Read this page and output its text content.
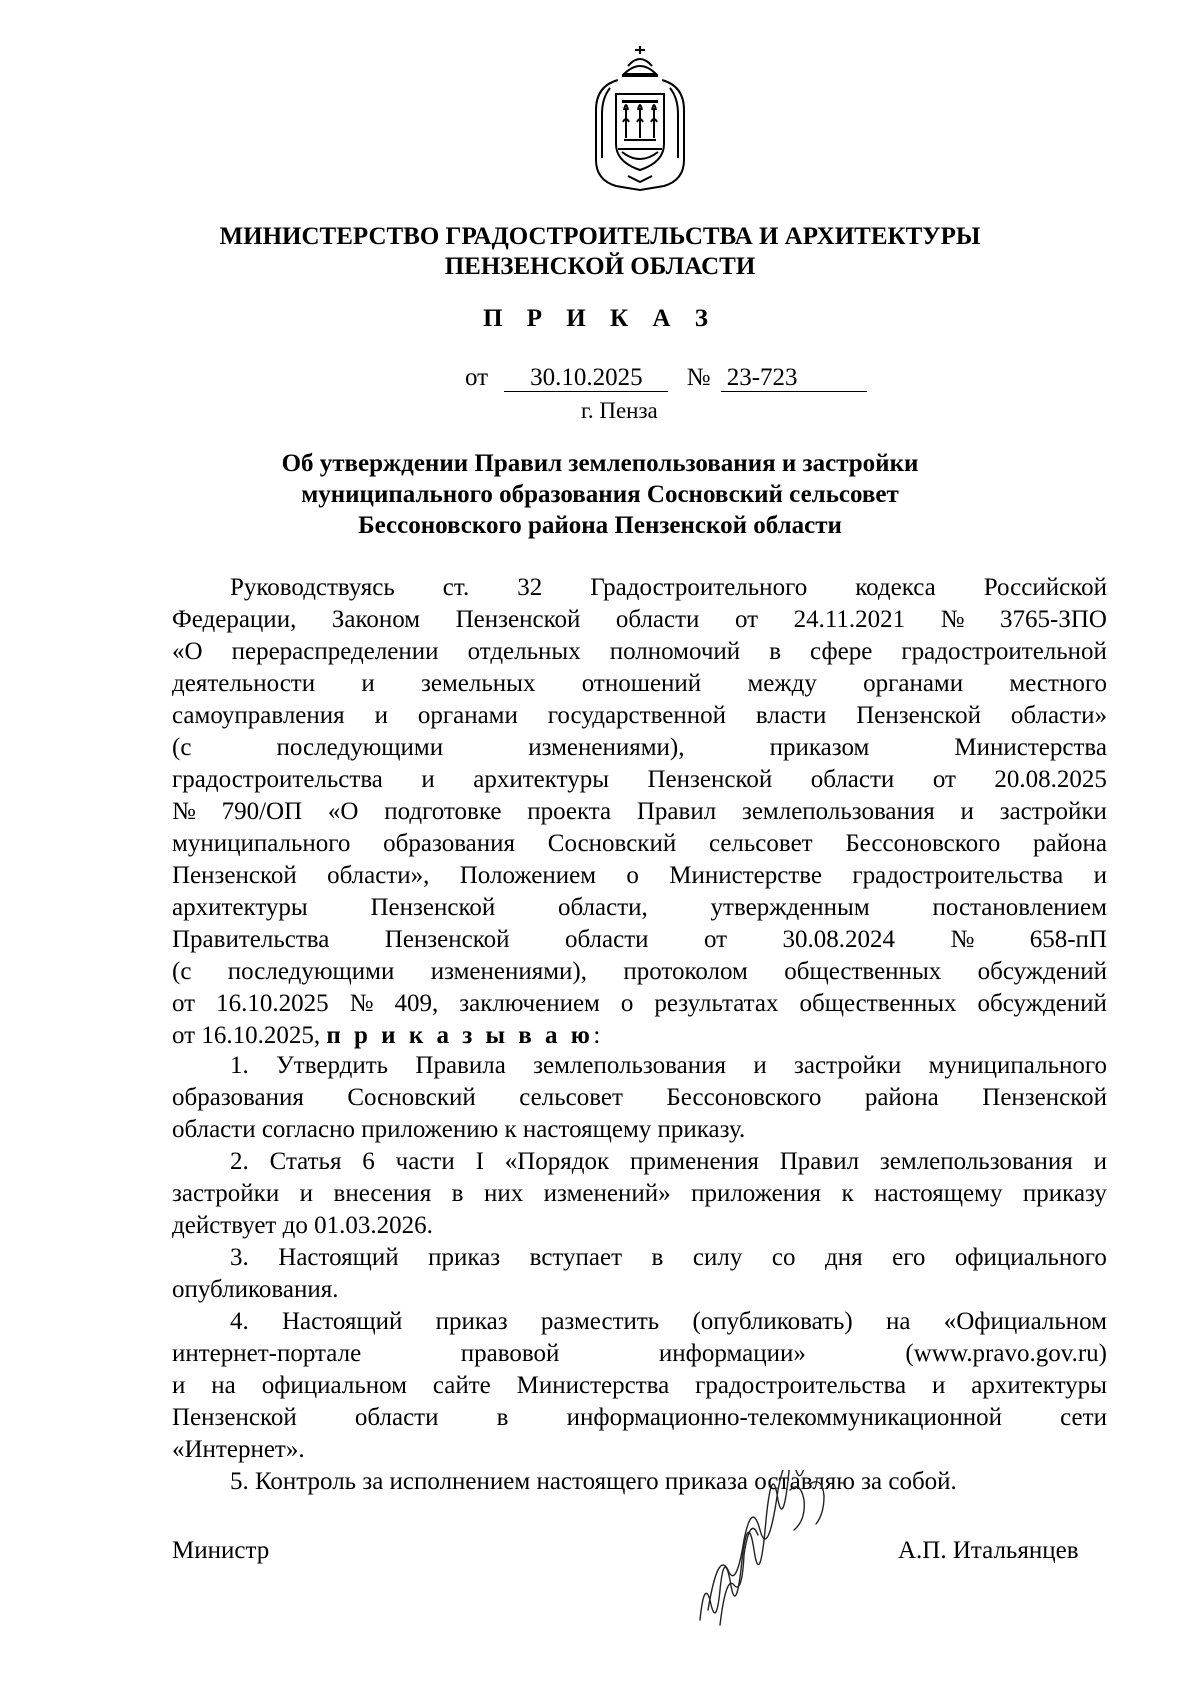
МИНИСТЕРСТВО ГРАДОСТРОИТЕЛЬСТВА И АРХИТЕКТУРЫ
ПЕНЗЕНСКОЙ ОБЛАСТИ
П Р И К А З
от 30.10.2025 № 23-723
г. Пенза
Об утверждении Правил землепользования и застройки
муниципального образования Сосновский сельсовет
Бессоновского района Пензенской области
Руководствуясь ст. 32 Градостроительного кодекса Российской
Федерации, Законом Пензенской области от 24.11.2021 № 3765-ЗПО
«О перераспределении отдельных полномочий в сфере градостроительной
деятельности и земельных отношений между органами местного
самоуправления и органами государственной власти Пензенской области»
(с	последующими	изменениями),	приказом	Министерства
градостроительства и архитектуры Пензенской области от 20.08.2025
№ 790/ОП «О подготовке проекта Правил землепользования и застройки
муниципального образования Сосновский сельсовет Бессоновского района
Пензенской области», Положением о Министерстве градостроительства и
архитектуры	Пензенской	области,	утвержденным	постановлением
Правительства Пензенской области от 30.08.2024 № 658-пП
(с последующими изменениями), протоколом общественных обсуждений
от 16.10.2025 № 409, заключением о результатах общественных обсуждений
от 16.10.2025, п р и к а з ы в а ю:
1. Утвердить Правила землепользования и застройки муниципального
образования Сосновский сельсовет Бессоновского района Пензенской
области согласно приложению к настоящему приказу.
2. Статья 6 части I «Порядок применения Правил землепользования и
застройки и внесения в них изменений» приложения к настоящему приказу
действует до 01.03.2026.
3. Настоящий приказ вступает в силу со дня его официального
опубликования.
4. Настоящий приказ разместить (опубликовать) на «Официальном
интернет-портале	правовой	информации»	(www.pravo.gov.ru)
и на официальном сайте Министерства градостроительства и архитектуры
Пензенской области в информационно-телекоммуникационной сети
«Интернет».
5. Контроль за исполнением настоящего приказа оставляю за собой.
Министр	А.П. Итальянцев
